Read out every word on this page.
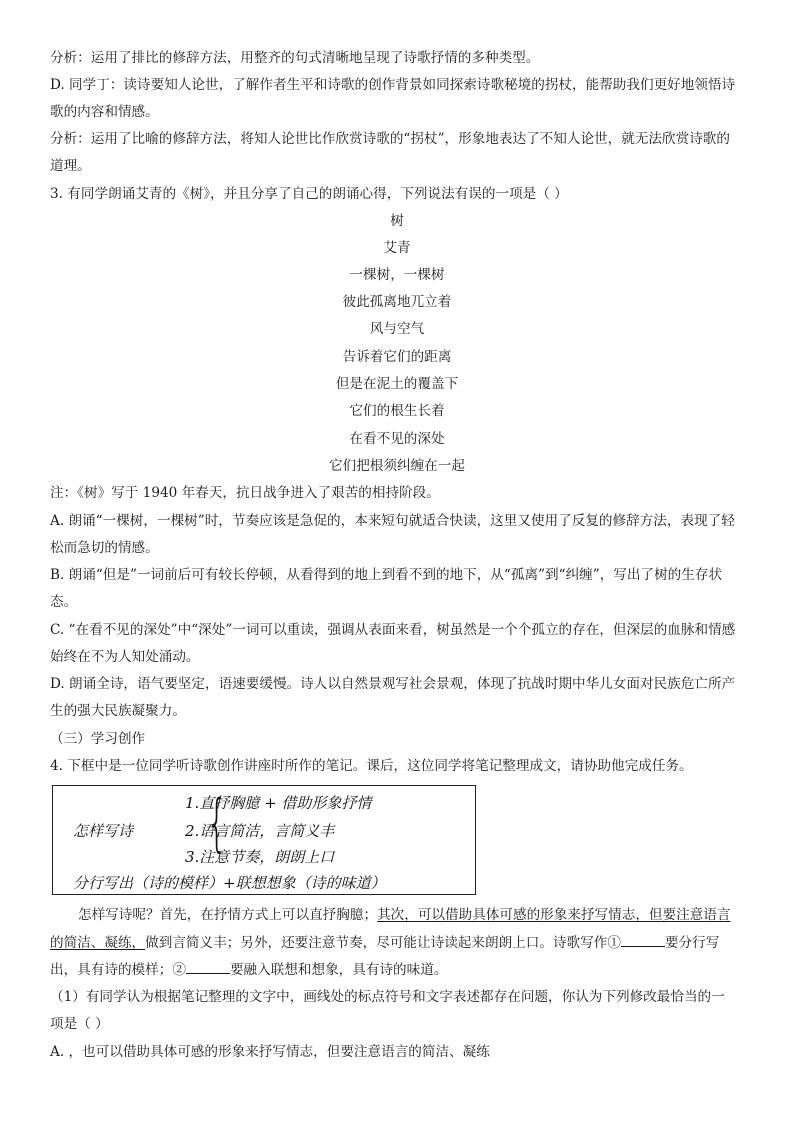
分析：运用了排比的修辞方法，用整齐的句式清晰地呈现了诗歌抒情的多种类型。
D. 同学丁：读诗要知人论世，了解作者生平和诗歌的创作背景如同探索诗歌秘境的拐杖，能帮助我们更好地领悟诗
歌的内容和情感。
分析：运用了比喻的修辞方法，将知人论世比作欣赏诗歌的“拐杖”，形象地表达了不知人论世，就无法欣赏诗歌的
道理。
3. 有同学朗诵艾青的《树》，并且分享了自己的朗诵心得，下列说法有误的一项是（ ）
树
艾青
一棵树，一棵树
彼此孤离地兀立着
风与空气
告诉着它们的距离
但是在泥土的覆盖下
它们的根生长着
在看不见的深处
它们把根须纠缠在一起
注：《树》写于 1940 年春天，抗日战争进入了艰苦的相持阶段。
A. 朗诵“一棵树，一棵树”时，节奏应该是急促的，本来短句就适合快读，这里又使用了反复的修辞方法，表现了轻
松而急切的情感。
B. 朗诵“但是”一词前后可有较长停顿，从看得到的地上到看不到的地下，从“孤离”到“纠缠”，写出了树的生存状
态。
C. “在看不见的深处”中“深处”一词可以重读，强调从表面来看，树虽然是一个个孤立的存在，但深层的血脉和情感
始终在不为人知处涌动。
D. 朗诵全诗，语气要坚定，语速要缓慢。诗人以自然景观写社会景观，体现了抗战时期中华儿女面对民族危亡所产
生的强大民族凝聚力。
（三）学习创作
4. 下框中是一位同学听诗歌创作讲座时所作的笔记。课后，这位同学将笔记整理成文，请协助他完成任务。
怎样写诗 {
1.直抒胸臆 + 借助形象抒情
2.语言简洁，言简义丰
3.注意节奏，朗朗上口
分行写出（诗的模样）+联想想象（诗的味道）
怎样写诗呢？首先，在抒情方式上可以直抒胸臆；其次，可以借助具体可感的形象来抒写情志，但要注意语言
的简洁、凝练，做到言简义丰；另外，还要注意节奏，尽可能让诗读起来朗朗上口。诗歌写作①	要分行写
出，具有诗的模样；②	要融入联想和想象，具有诗的味道。
（1）有同学认为根据笔记整理的文字中，画线处的标点符号和文字表述都存在问题，你认为下列修改最恰当的一
项是（ ）
A. ，也可以借助具体可感的形象来抒写情志，但要注意语言的简洁、凝练
